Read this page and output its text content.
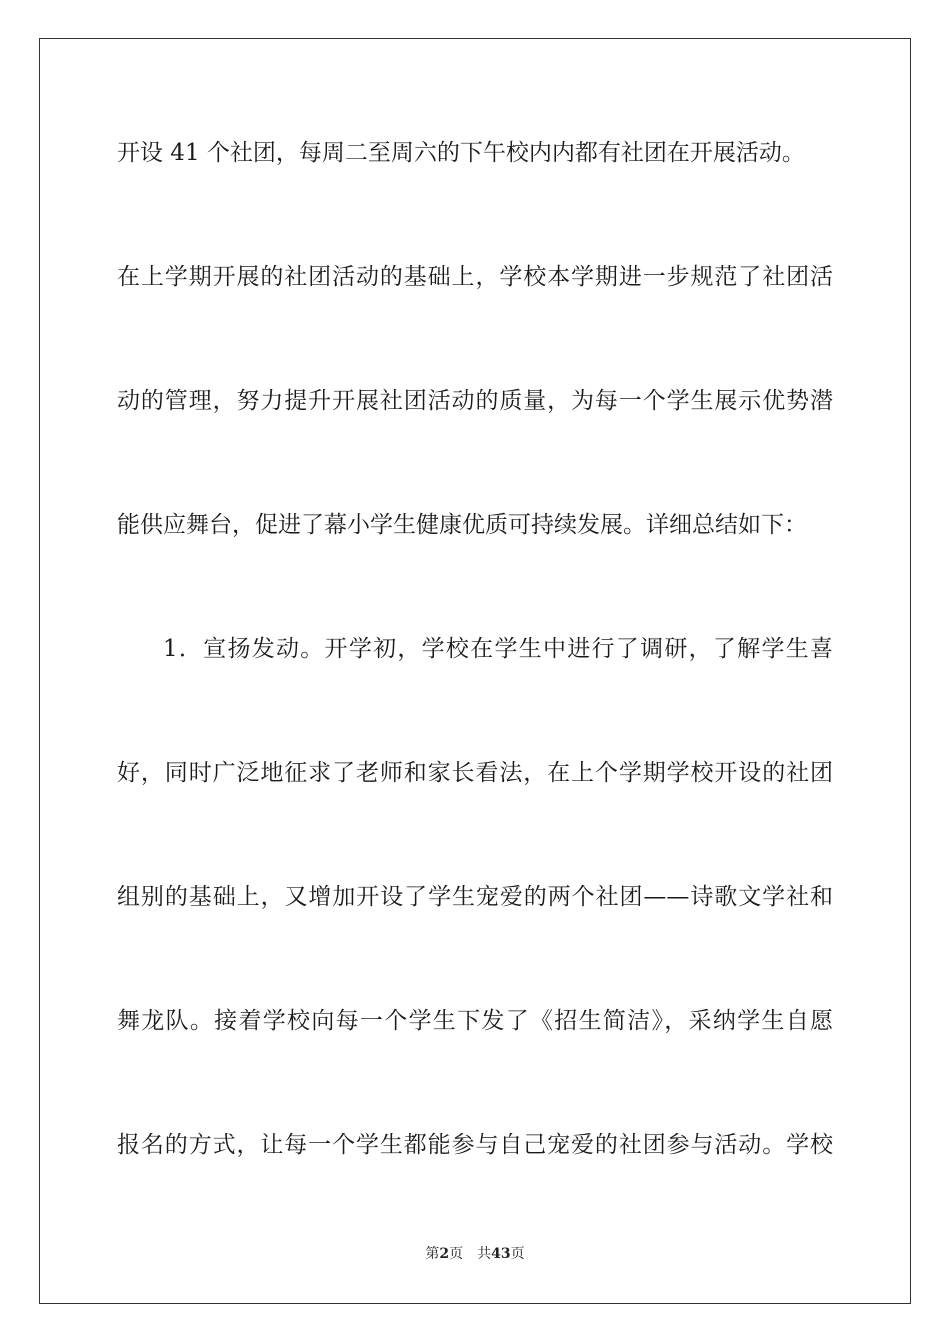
开设 41 个社团，每周二至周六的下午校内内都有社团在开展活动。
在上学期开展的社团活动的基础上，学校本学期进一步规范了社团活
动的管理，努力提升开展社团活动的质量，为每一个学生展示优势潜
能供应舞台，促进了幕小学生健康优质可持续发展。详细总结如下：
1．宣扬发动。开学初，学校在学生中进行了调研，了解学生喜
好，同时广泛地征求了老师和家长看法，在上个学期学校开设的社团
组别的基础上，又增加开设了学生宠爱的两个社团——诗歌文学社和
舞龙队。接着学校向每一个学生下发了《招生简洁》，采纳学生自愿
报名的方式，让每一个学生都能参与自己宠爱的社团参与活动。学校
第2页 共43页
